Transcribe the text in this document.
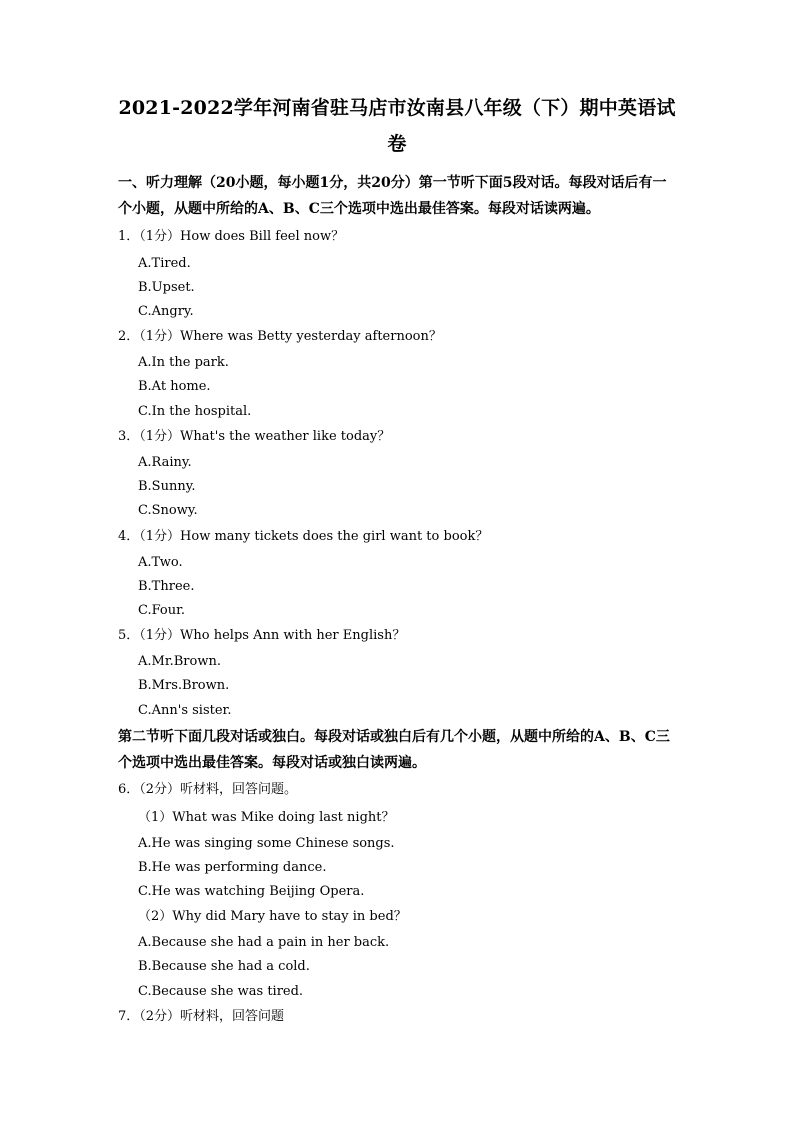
2021-2022学年河南省驻马店市汝南县八年级（下）期中英语试
卷
一、听力理解（20小题，每小题1分，共20分）第一节听下面5段对话。每段对话后有一
个小题，从题中所给的A、B、C三个选项中选出最佳答案。每段对话读两遍。
1．（1分）How does Bill feel now？
A.Tired.
B.Upset.
C.Angry.
2．（1分）Where was Betty yesterday afternoon？
A.In the park.
B.At home.
C.In the hospital.
3．（1分）What's the weather like today？
A.Rainy.
B.Sunny.
C.Snowy.
4．（1分）How many tickets does the girl want to book？
A.Two.
B.Three.
C.Four.
5．（1分）Who helps Ann with her English？
A.Mr.Brown.
B.Mrs.Brown.
C.Ann's sister.
第二节听下面几段对话或独白。每段对话或独白后有几个小题，从题中所给的A、B、C三
个选项中选出最佳答案。每段对话或独白读两遍。
6．（2分）听材料，回答问题。
（1）What was Mike doing last night？
A.He was singing some Chinese songs.
B.He was performing dance.
C.He was watching Beijing Opera.
（2）Why did Mary have to stay in bed？
A.Because she had a pain in her back.
B.Because she had a cold.
C.Because she was tired.
7．（2分）听材料，回答问题
